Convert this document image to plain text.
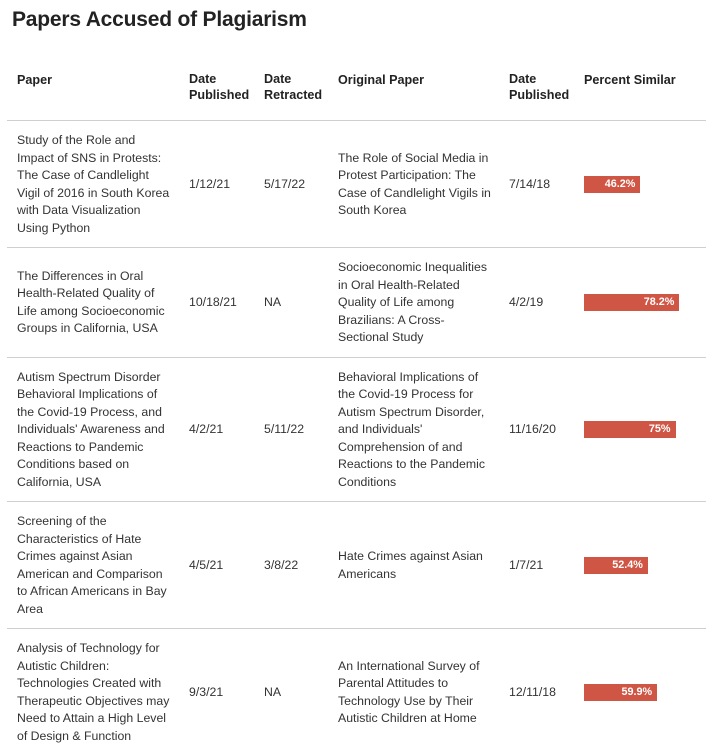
Papers Accused of Plagiarism
Paper	Date Published	Date Retracted	Original Paper	Date Published	Percent Similar
Study of the Role and Impact of SNS in Protests: The Case of Candlelight Vigil of 2016 in South Korea with Data Visualization Using Python	1/12/21	5/17/22	The Role of Social Media in Protest Participation: The Case of Candlelight Vigils in South Korea	7/14/18	46.2%

The Differences in Oral Health-Related Quality of Life among Socioeconomic Groups in California, USA	10/18/21	NA	Socioeconomic Inequalities in Oral Health-Related Quality of Life among Brazilians: A Cross-Sectional Study	4/2/19	78.2%

Autism Spectrum Disorder Behavioral Implications of the Covid-19 Process, and Individuals' Awareness and Reactions to Pandemic Conditions based on California, USA	4/2/21	5/11/22	Behavioral Implications of the Covid-19 Process for Autism Spectrum Disorder, and Individuals' Comprehension of and Reactions to the Pandemic Conditions	11/16/20	75%

Screening of the Characteristics of Hate Crimes against Asian American and Comparison to African Americans in Bay Area	4/5/21	3/8/22	Hate Crimes against Asian Americans	1/7/21	52.4%

Analysis of Technology for Autistic Children: Technologies Created with Therapeutic Objectives may Need to Attain a High Level of Design & Function	9/3/21	NA	An International Survey of Parental Attitudes to Technology Use by Their Autistic Children at Home	12/11/18	59.9%
